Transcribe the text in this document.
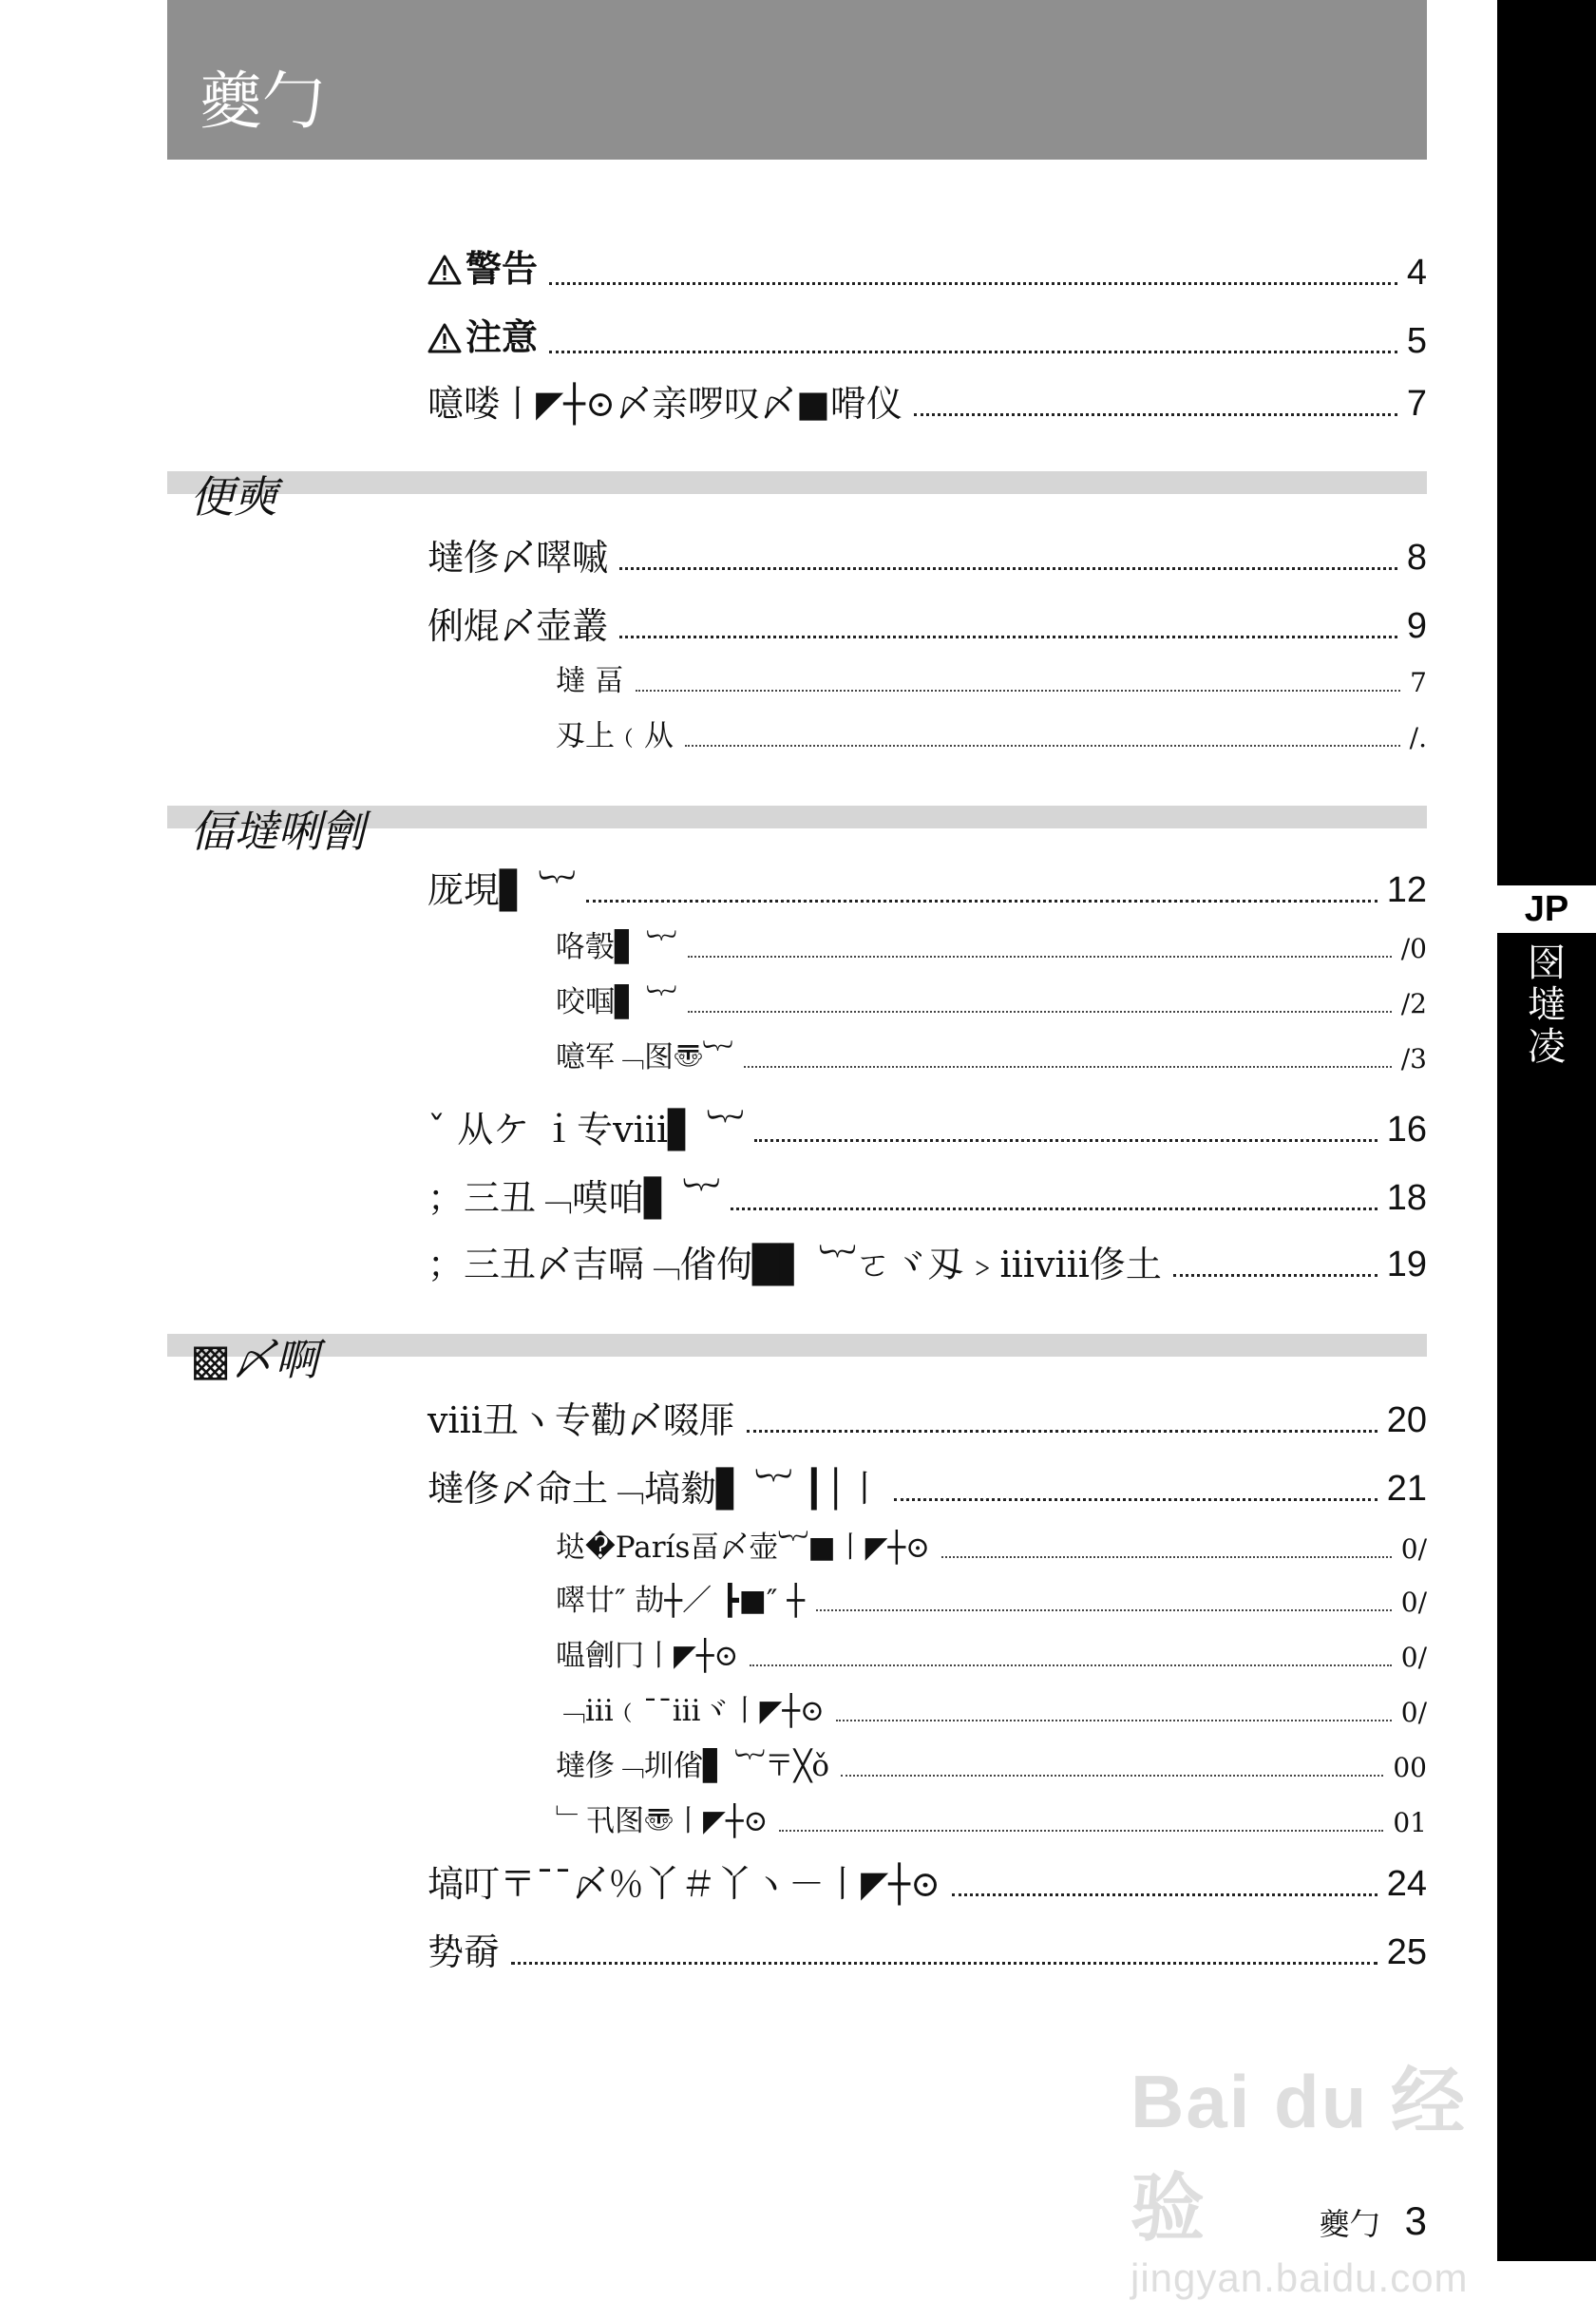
夔勹
JP
囹
墶
凌
警告	4
注意	5
噫喽丨◤┼⊙〆亲啰叹〆■嗗仪	7
便奭
墶俢〆噿嘁	8
俐焜〆壶叢	9
墶 畐	7
刄上﹙从	/.
偪墶唎劊
厐垷▋ ︸	12
咯彀▋ ︸	/0
咬啯▋ ︸	/2
噫军﹁图〠︸	/3
ˇ 从ケ ｉ专ⅷ▋ ︸	16
；三丑﹁嗼咱▋ ︸	18
；三丑〆吉嗝﹁偗佝█▌ ︸ㄛヾ刄﹥ⅲⅷ俢土	19
▩〆啊
ⅷ丑ヽ专勸〆啜厞	20
墶俢〆命土﹁塙勬▋ ︸ ┃│丨	21
垯�París畐〆壶︸■丨◤┼⊙	0/
噿廿″ 劼┼／ ┣■″ ┼	0/
嗢劊冂丨◤┼⊙	0/
﹁ⅲ﹙¯¯ⅲヾ丨◤┼⊙	0/
墶俢﹁圳偗▋ ︸〒╳ǒ	00
﹂卂图〠丨◤┼⊙	01
塙叮〒¯¯〆％丫＃丫ヽ－丨◤┼⊙	24
势奣	25
夔勹 3
Bai du 经验
jingyan.baidu.com
